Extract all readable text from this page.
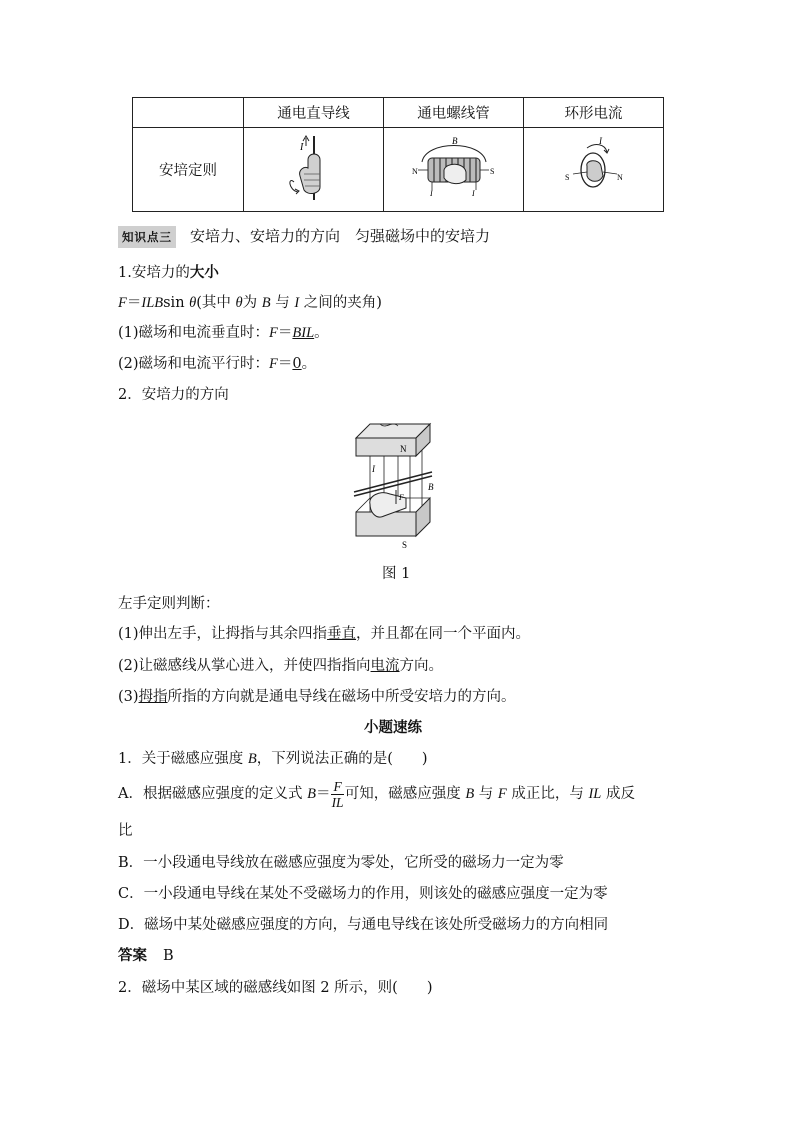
	通电直导线	通电螺线管	环形电流
安培定则	I	B
N S
I I	I
S N
知识点三 安培力、安培力的方向　匀强磁场中的安培力
1.安培力的大小
F＝ILBsin θ(其中 θ为 B 与 I 之间的夹角)
(1)磁场和电流垂直时：F＝BIL。
(2)磁场和电流平行时：F＝0。
2．安培力的方向
N
S
B
I
F
图 1
左手定则判断：
(1)伸出左手，让拇指与其余四指垂直，并且都在同一个平面内。
(2)让磁感线从掌心进入，并使四指指向电流方向。
(3)拇指所指的方向就是通电导线在磁场中所受安培力的方向。
小题速练
1．关于磁感应强度 B，下列说法正确的是(　　)
A．根据磁感应强度的定义式 $B= \frac{F}{IL}$ 可知，磁感应强度 B 与 F 成正比，与 IL 成反
比
B．一小段通电导线放在磁感应强度为零处，它所受的磁场力一定为零
C．一小段通电导线在某处不受磁场力的作用，则该处的磁感应强度一定为零
D．磁场中某处磁感应强度的方向，与通电导线在该处所受磁场力的方向相同
答案 B
2．磁场中某区域的磁感线如图 2 所示，则(　　)
